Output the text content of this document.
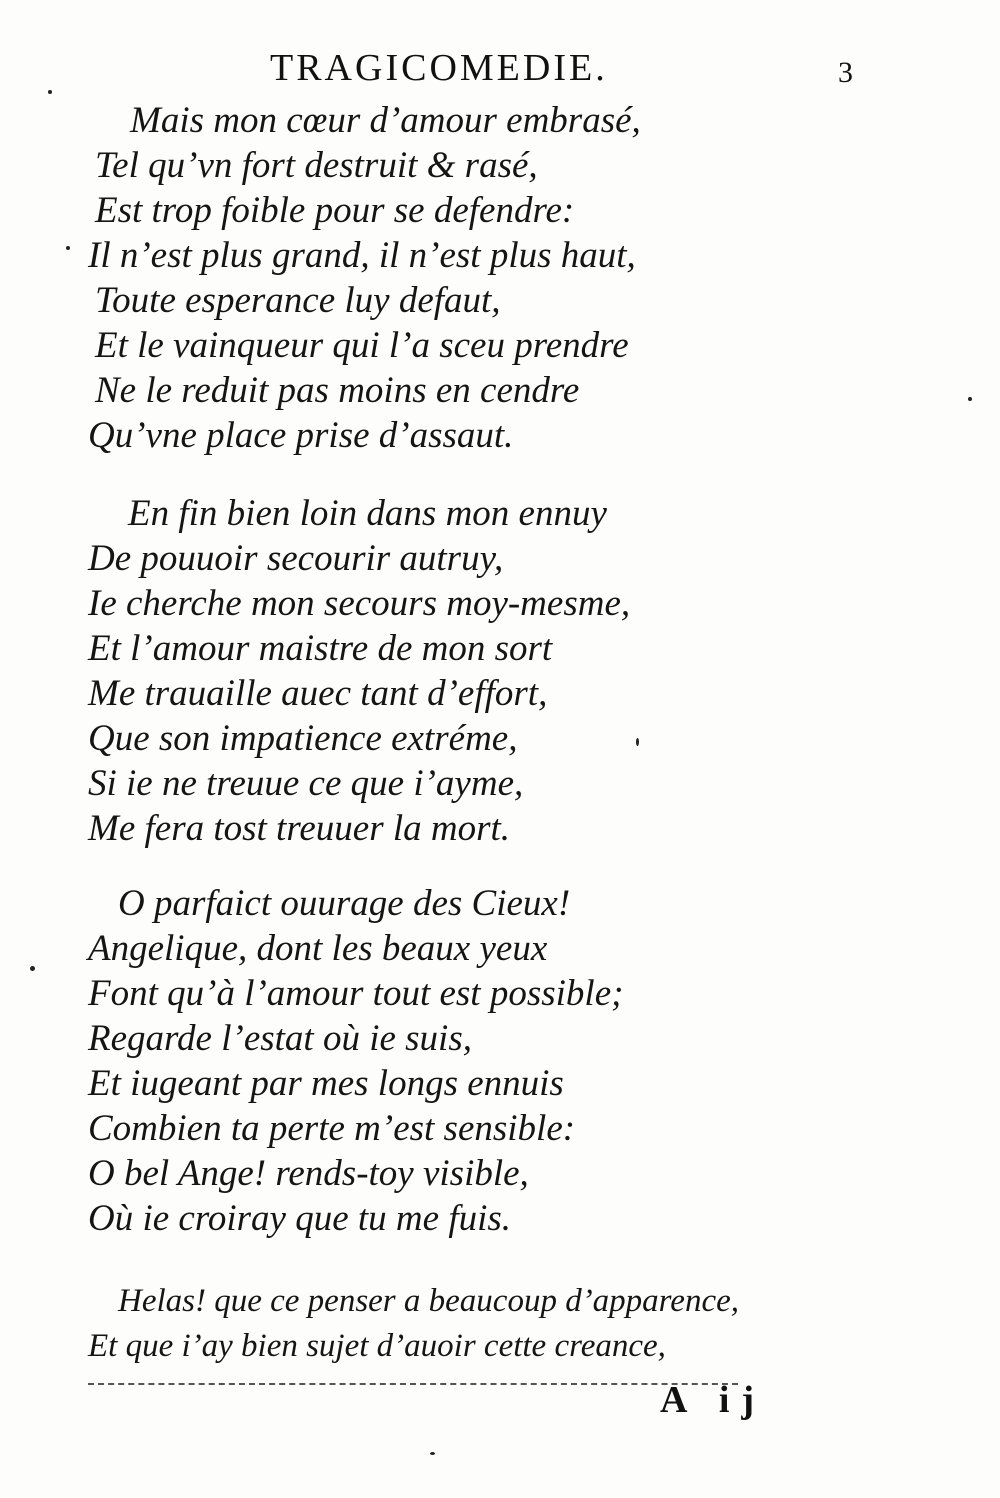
TRAGICOMEDIE.	3
Mais mon cœur d’amour embrasé,
Tel qu’vn fort destruit & rasé,
Est trop foible pour se defendre:
Il n’est plus grand, il n’est plus haut,
Toute esperance luy defaut,
Et le vainqueur qui l’a sceu prendre
Ne le reduit pas moins en cendre
Qu’vne place prise d’assaut.
En fin bien loin dans mon ennuy
De pouuoir secourir autruy,
Ie cherche mon secours moy-mesme,
Et l’amour maistre de mon sort
Me trauaille auec tant d’effort,
Que son impatience extréme,
Si ie ne treuue ce que i’ayme,
Me fera tost treuuer la mort.
O parfaict ouurage des Cieux!
Angelique, dont les beaux yeux
Font qu’à l’amour tout est possible;
Regarde l’estat où ie suis,
Et iugeant par mes longs ennuis
Combien ta perte m’est sensible:
O bel Ange! rends-toy visible,
Où ie croiray que tu me fuis.
Helas! que ce penser a beaucoup d’apparence,
Et que i’ay bien sujet d’auoir cette creance,
A ij
